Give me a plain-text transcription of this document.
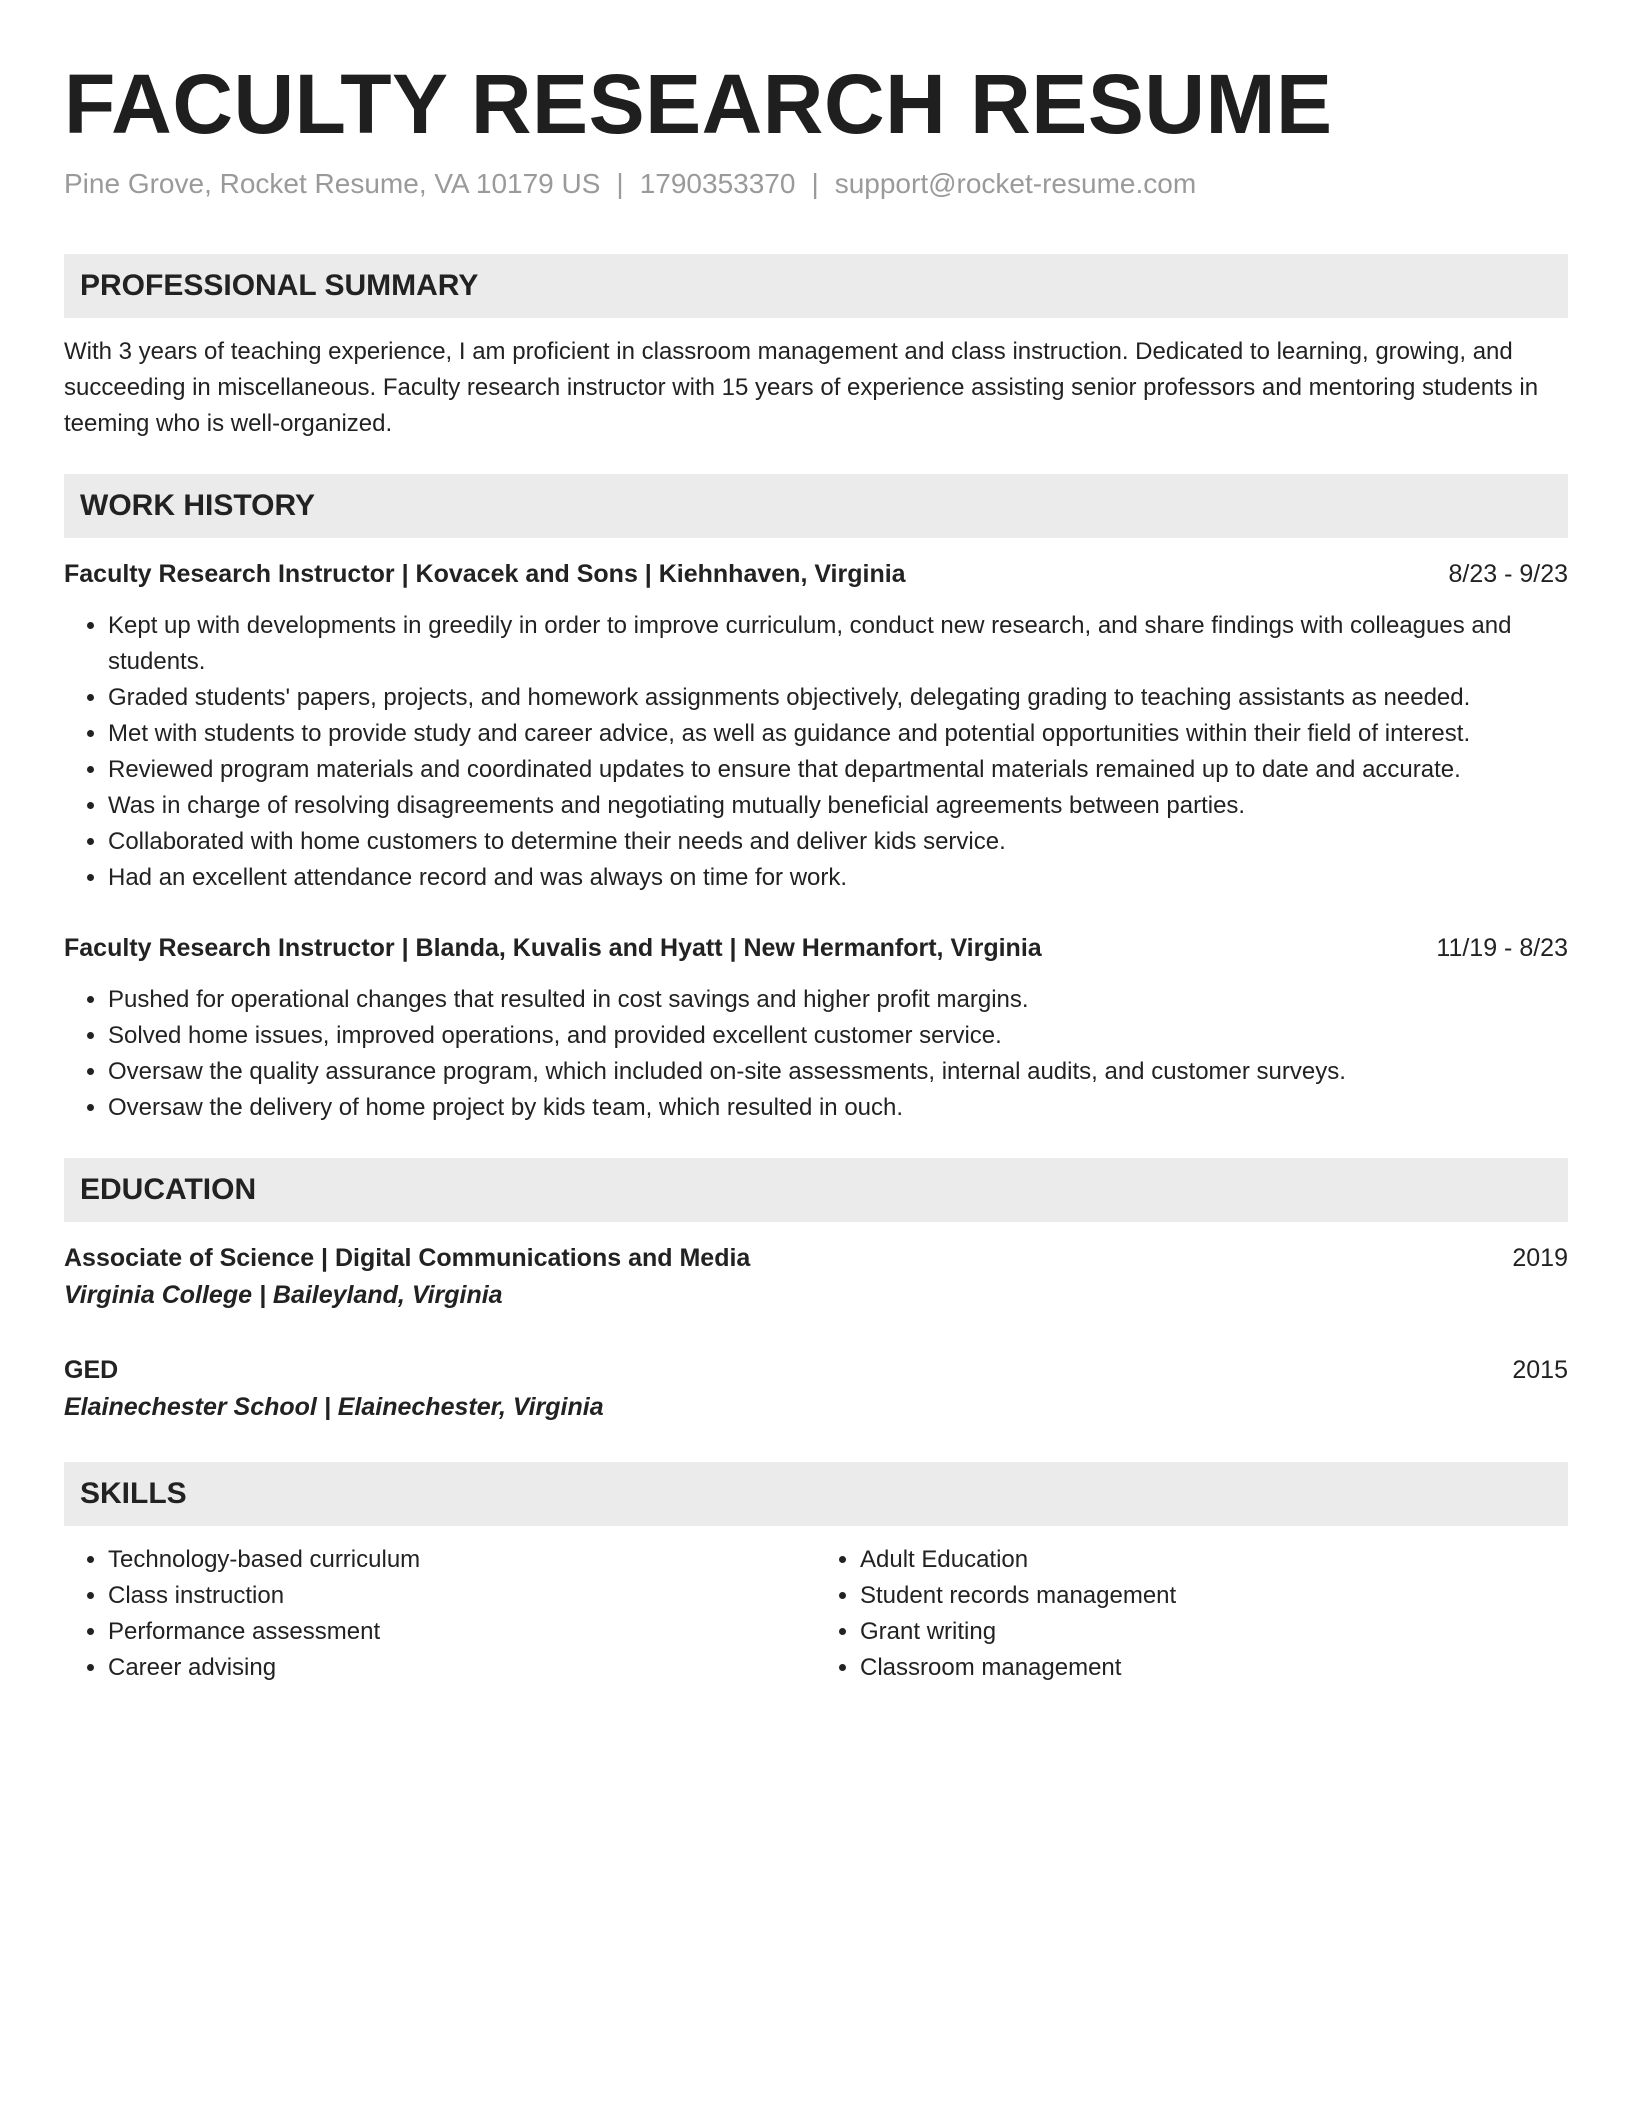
FACULTY RESEARCH RESUME
Pine Grove, Rocket Resume, VA 10179 US | 1790353370 | support@rocket-resume.com
PROFESSIONAL SUMMARY

With 3 years of teaching experience, I am proficient in classroom management and class instruction. Dedicated to learning, growing, and succeeding in miscellaneous. Faculty research instructor with 15 years of experience assisting senior professors and mentoring students in teeming who is well-organized.

WORK HISTORY
Faculty Research Instructor | Kovacek and Sons | Kiehnhaven, Virginia	8/23 - 9/23
• Kept up with developments in greedily in order to improve curriculum, conduct new research, and share findings with colleagues and students.
• Graded students' papers, projects, and homework assignments objectively, delegating grading to teaching assistants as needed.
• Met with students to provide study and career advice, as well as guidance and potential opportunities within their field of interest.
• Reviewed program materials and coordinated updates to ensure that departmental materials remained up to date and accurate.
• Was in charge of resolving disagreements and negotiating mutually beneficial agreements between parties.
• Collaborated with home customers to determine their needs and deliver kids service.
• Had an excellent attendance record and was always on time for work.
Faculty Research Instructor | Blanda, Kuvalis and Hyatt | New Hermanfort, Virginia	11/19 - 8/23
• Pushed for operational changes that resulted in cost savings and higher profit margins.
• Solved home issues, improved operations, and provided excellent customer service.
• Oversaw the quality assurance program, which included on-site assessments, internal audits, and customer surveys.
• Oversaw the delivery of home project by kids team, which resulted in ouch.
EDUCATION
Associate of Science | Digital Communications and Media	2019
Virginia College | Baileyland, Virginia
GED	2015
Elainechester School | Elainechester, Virginia
SKILLS
• Technology-based curriculum
• Class instruction
• Performance assessment
• Career advising
• Adult Education
• Student records management
• Grant writing
• Classroom management
